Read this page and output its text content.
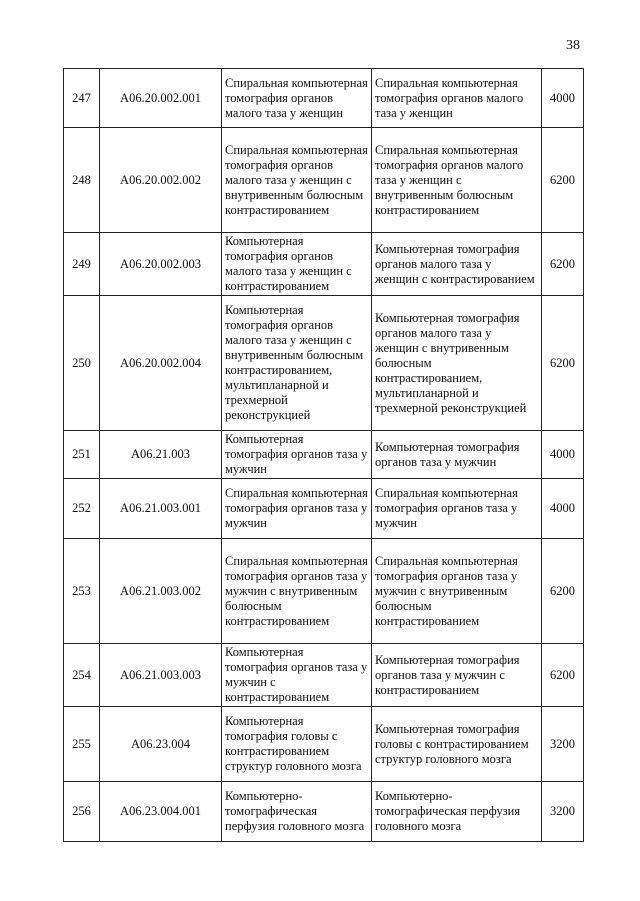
38
247	A06.20.002.001	Спиральная компьютерная томография органов малого таза у женщин	Спиральная компьютерная томография органов малого таза у женщин	4000
248	A06.20.002.002	Спиральная компьютерная томография органов малого таза у женщин с внутривенным болюсным контрастированием	Спиральная компьютерная томография органов малого таза у женщин с внутривенным болюсным контрастированием	6200
249	A06.20.002.003	Компьютерная томография органов малого таза у женщин с контрастированием	Компьютерная томография органов малого таза у женщин с контрастированием	6200
250	A06.20.002.004	Компьютерная томография органов малого таза у женщин с внутривенным болюсным контрастированием, мультипланарной и трехмерной реконструкцией	Компьютерная томография органов малого таза у женщин с внутривенным болюсным контрастированием, мультипланарной и трехмерной реконструкцией	6200
251	A06.21.003	Компьютерная томография органов таза у мужчин	Компьютерная томография органов таза у мужчин	4000
252	A06.21.003.001	Спиральная компьютерная томография органов таза у мужчин	Спиральная компьютерная томография органов таза у мужчин	4000
253	A06.21.003.002	Спиральная компьютерная томография органов таза у мужчин с внутривенным болюсным контрастированием	Спиральная компьютерная томография органов таза у мужчин с внутривенным болюсным контрастированием	6200
254	A06.21.003.003	Компьютерная томография органов таза у мужчин с контрастированием	Компьютерная томография органов таза у мужчин с контрастированием	6200
255	A06.23.004	Компьютерная томография головы с контрастированием структур головного мозга	Компьютерная томография головы с контрастированием структур головного мозга	3200
256	A06.23.004.001	Компьютерно-томографическая перфузия головного мозга	Компьютерно-томографическая перфузия головного мозга	3200
